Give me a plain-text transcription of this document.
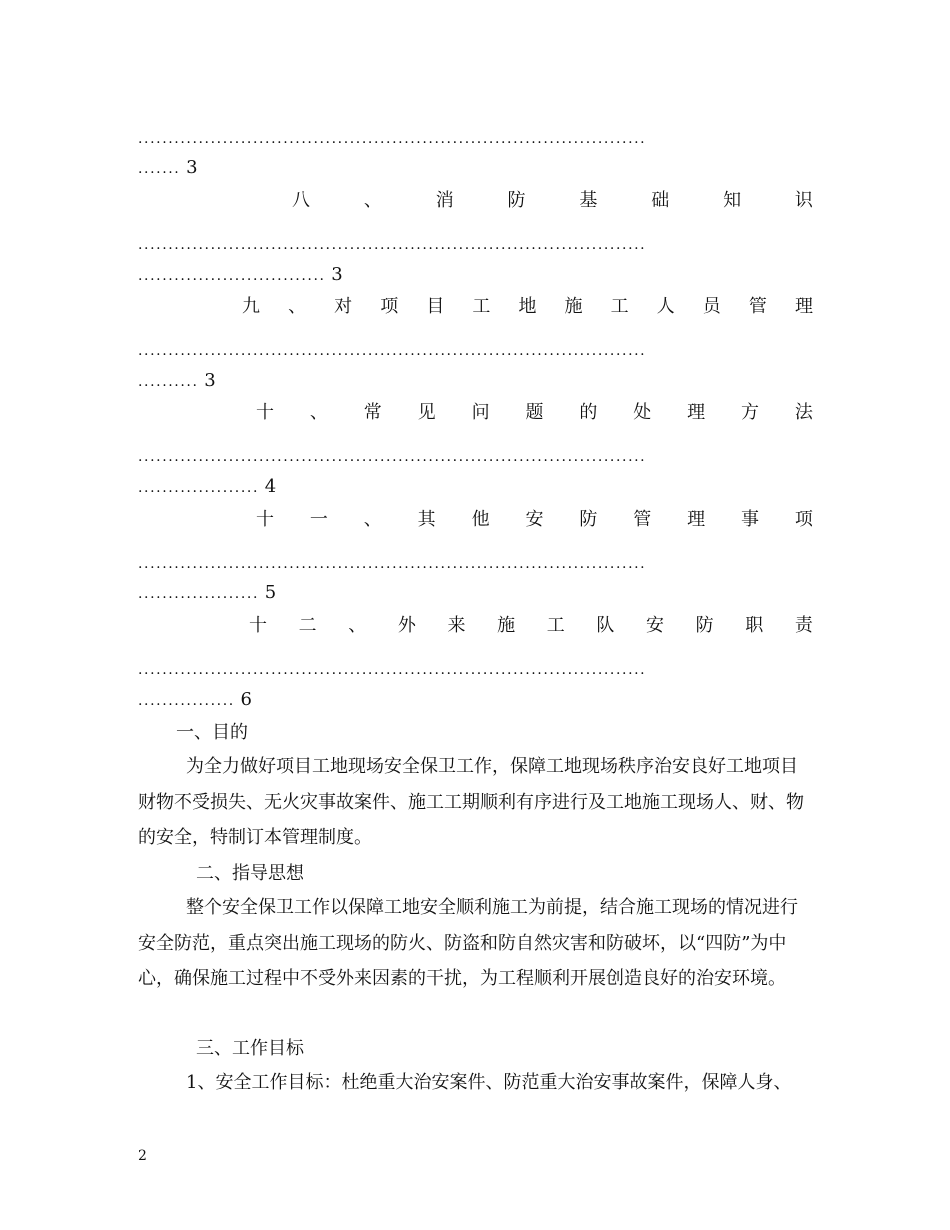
....................................................................................
....... 3
八	、	消	防	基	础	知	识
....................................................................................
............................... 3
九 、 对 项 目 工 地 施 工 人 员 管 理
....................................................................................
.......... 3
十 、 常 见 问 题 的 处 理 方 法
....................................................................................
.................... 4
十 一 、 其 他 安 防 管 理 事 项
....................................................................................
.................... 5
十 二 、 外 来 施 工 队 安 防 职 责
....................................................................................
................ 6
一、目的
为全力做好项目工地现场安全保卫工作，保障工地现场秩序治安良好工地项目财物不受损失、无火灾事故案件、施工工期顺利有序进行及工地施工现场人、财、物的安全，特制订本管理制度。
二、指导思想
整个安全保卫工作以保障工地安全顺利施工为前提，结合施工现场的情况进行安全防范，重点突出施工现场的防火、防盗和防自然灾害和防破坏，以“四防”为中心，确保施工过程中不受外来因素的干扰，为工程顺利开展创造良好的治安环境。
三、工作目标
1、安全工作目标：杜绝重大治安案件、防范重大治安事故案件，保障人身、
2
